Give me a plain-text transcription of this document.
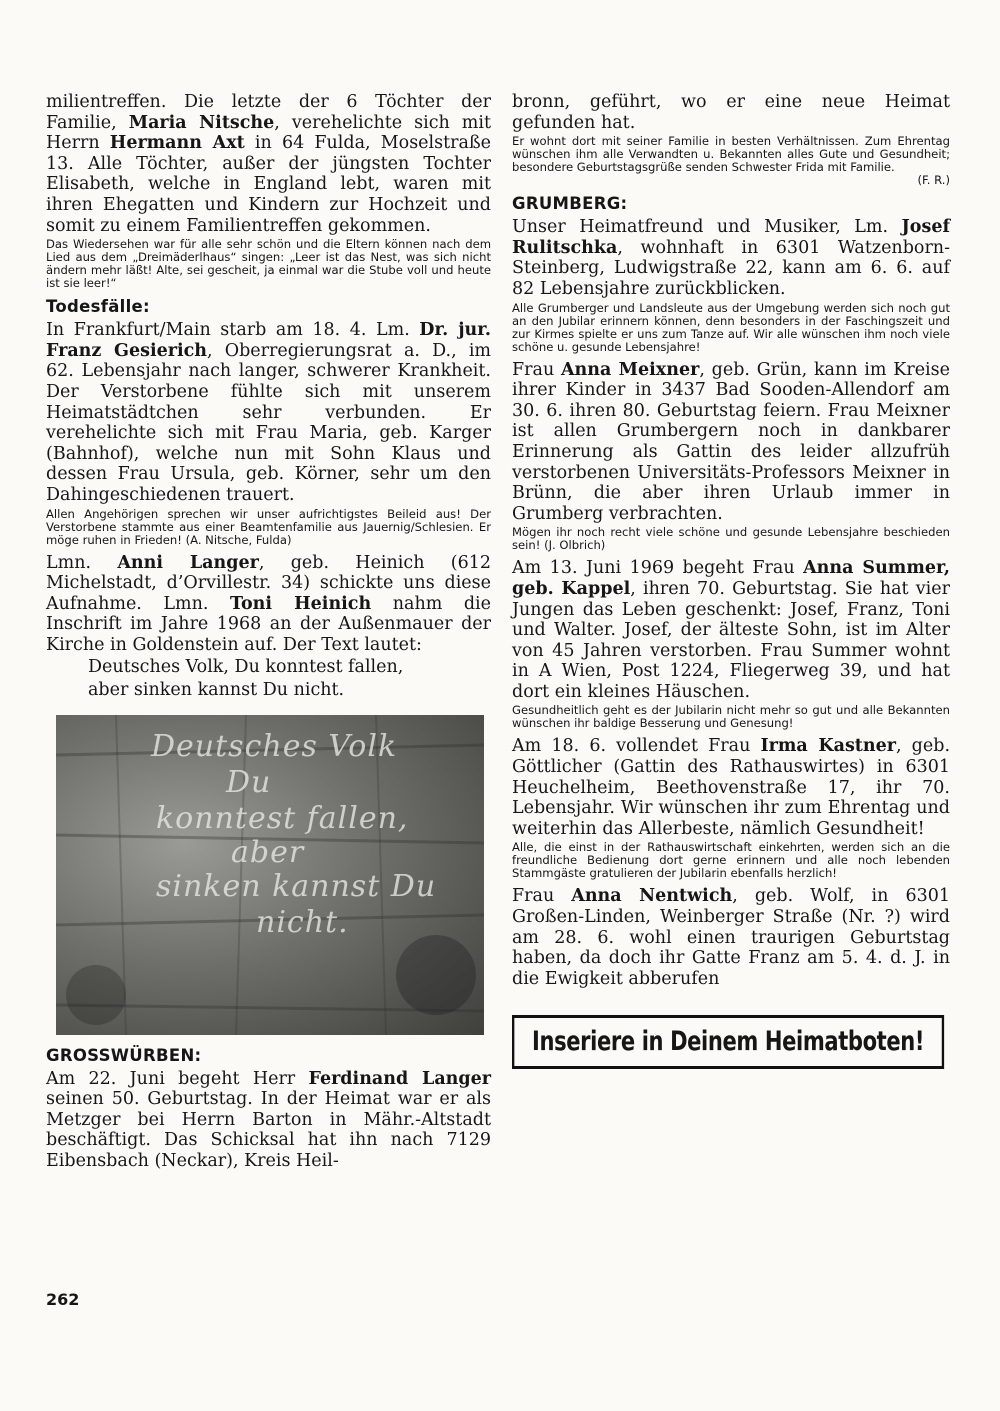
milientreffen. Die letzte der 6 Töchter der Familie, Maria Nitsche, verehelichte sich mit Herrn Hermann Axt in 64 Fulda, Moselstraße 13. Alle Töchter, außer der jüngsten Tochter Elisabeth, welche in England lebt, waren mit ihren Ehegatten und Kindern zur Hochzeit und somit zu einem Familientreffen gekommen.

Das Wiedersehen war für alle sehr schön und die Eltern können nach dem Lied aus dem „Dreimäderlhaus“ singen: „Leer ist das Nest, was sich nicht ändern mehr läßt! Alte, sei gescheit, ja einmal war die Stube voll und heute ist sie leer!“

Todesfälle:

In Frankfurt/Main starb am 18. 4. Lm. Dr. jur. Franz Gesierich, Oberregierungsrat a. D., im 62. Lebensjahr nach langer, schwerer Krankheit. Der Verstorbene fühlte sich mit unserem Heimatstädtchen sehr verbunden. Er verehelichte sich mit Frau Maria, geb. Karger (Bahnhof), welche nun mit Sohn Klaus und dessen Frau Ursula, geb. Körner, sehr um den Dahingeschiedenen trauert.

Allen Angehörigen sprechen wir unser aufrichtigstes Beileid aus! Der Verstorbene stammte aus einer Beamtenfamilie aus Jauernig/Schlesien. Er möge ruhen in Frieden! (A. Nitsche, Fulda)

Lmn. Anni Langer, geb. Heinich (612 Michelstadt, d’Orvillestr. 34) schickte uns diese Aufnahme. Lmn. Toni Heinich nahm die Inschrift im Jahre 1968 an der Außenmauer der Kirche in Goldenstein auf. Der Text lautet:

Deutsches Volk, Du konntest fallen,

aber sinken kannst Du nicht.

Deutsches Volk
Du
konntest fallen,
aber
sinken kannst Du
nicht.

GROSSWÜRBEN:

Am 22. Juni begeht Herr Ferdinand Langer seinen 50. Geburtstag. In der Heimat war er als Metzger bei Herrn Barton in Mähr.-Altstadt beschäftigt. Das Schicksal hat ihn nach 7129 Eibensbach (Neckar), Kreis Heil-

bronn, geführt, wo er eine neue Heimat gefunden hat.

Er wohnt dort mit seiner Familie in besten Verhältnissen. Zum Ehrentag wünschen ihm alle Verwandten u. Bekannten alles Gute und Gesundheit; besondere Geburtstagsgrüße senden Schwester Frida mit Familie.

(F. R.)

GRUMBERG:

Unser Heimatfreund und Musiker, Lm. Josef Rulitschka, wohnhaft in 6301 Watzenborn-Steinberg, Ludwigstraße 22, kann am 6. 6. auf 82 Lebensjahre zurückblicken.

Alle Grumberger und Landsleute aus der Umgebung werden sich noch gut an den Jubilar erinnern können, denn besonders in der Faschingszeit und zur Kirmes spielte er uns zum Tanze auf. Wir alle wünschen ihm noch viele schöne u. gesunde Lebensjahre!

Frau Anna Meixner, geb. Grün, kann im Kreise ihrer Kinder in 3437 Bad Sooden-Allendorf am 30. 6. ihren 80. Geburtstag feiern. Frau Meixner ist allen Grumbergern noch in dankbarer Erinnerung als Gattin des leider allzufrüh verstorbenen Universitäts-Professors Meixner in Brünn, die aber ihren Urlaub immer in Grumberg verbrachten.

Mögen ihr noch recht viele schöne und gesunde Lebensjahre beschieden sein! (J. Olbrich)

Am 13. Juni 1969 begeht Frau Anna Summer, geb. Kappel, ihren 70. Geburtstag. Sie hat vier Jungen das Leben geschenkt: Josef, Franz, Toni und Walter. Josef, der älteste Sohn, ist im Alter von 45 Jahren verstorben. Frau Summer wohnt in A Wien, Post 1224, Fliegerweg 39, und hat dort ein kleines Häuschen.

Gesundheitlich geht es der Jubilarin nicht mehr so gut und alle Bekannten wünschen ihr baldige Besserung und Genesung!

Am 18. 6. vollendet Frau Irma Kastner, geb. Göttlicher (Gattin des Rathauswirtes) in 6301 Heuchelheim, Beethovenstraße 17, ihr 70. Lebensjahr. Wir wünschen ihr zum Ehrentag und weiterhin das Allerbeste, nämlich Gesundheit!

Alle, die einst in der Rathauswirtschaft einkehrten, werden sich an die freundliche Bedienung dort gerne erinnern und alle noch lebenden Stammgäste gratulieren der Jubilarin ebenfalls herzlich!

Frau Anna Nentwich, geb. Wolf, in 6301 Großen-Linden, Weinberger Straße (Nr. ?) wird am 28. 6. wohl einen traurigen Geburtstag haben, da doch ihr Gatte Franz am 5. 4. d. J. in die Ewigkeit abberufen

Inseriere in Deinem Heimatboten!
262
